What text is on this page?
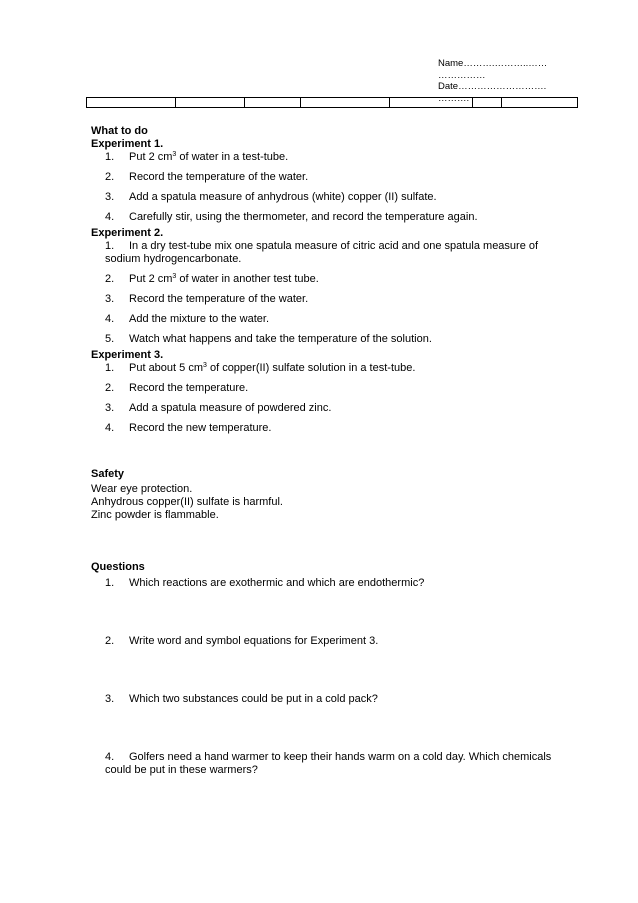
Name……….………..……
……………
Date……………………….
……….

What to do
Experiment 1.
1. Put 2 $cm^3$ of water in a test-tube.
2. Record the temperature of the water.
3. Add a spatula measure of anhydrous (white) copper (II) sulfate.
4. Carefully stir, using the thermometer, and record the temperature again.
Experiment 2.
1. In a dry test-tube mix one spatula measure of citric acid and one spatula measure of sodium hydrogencarbonate.
2. Put 2 $cm^3$ of water in another test tube.
3. Record the temperature of the water.
4. Add the mixture to the water.
5. Watch what happens and take the temperature of the solution.
Experiment 3.
1. Put about 5 $cm^3$ of copper(II) sulfate solution in a test-tube.
2. Record the temperature.
3. Add a spatula measure of powdered zinc.
4. Record the new temperature.
Safety
Wear eye protection.
Anhydrous copper(II) sulfate is harmful.
Zinc powder is flammable.
Questions
1. Which reactions are exothermic and which are endothermic?
2. Write word and symbol equations for Experiment 3.
3. Which two substances could be put in a cold pack?
4. Golfers need a hand warmer to keep their hands warm on a cold day. Which chemicals could be put in these warmers?
